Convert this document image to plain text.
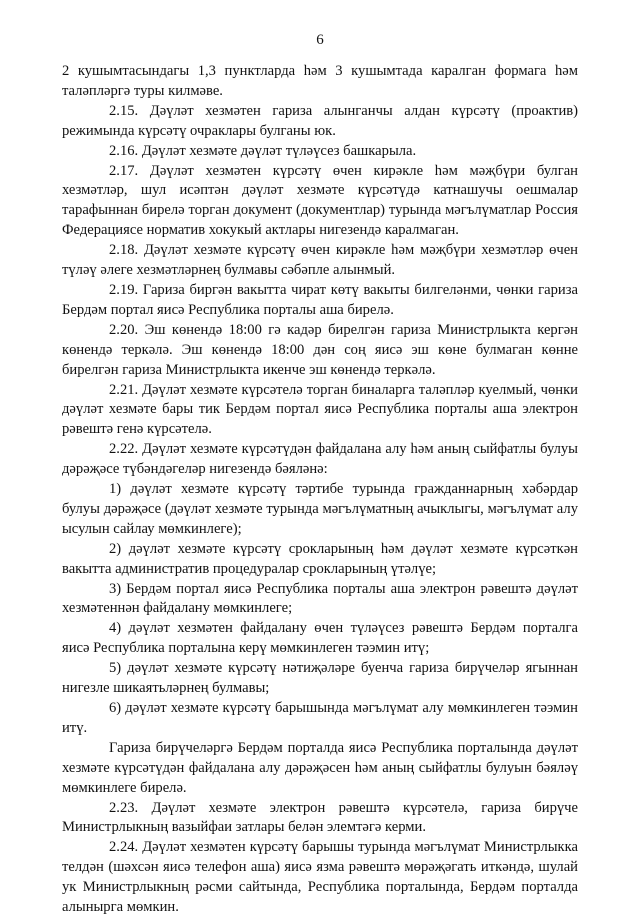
6

2 кушымтасындагы 1,3 пунктларда һәм 3 кушымтада каралган формага һәм таләпләргә туры килмәве.

2.15. Дәүләт хезмәтен гариза алынганчы алдан күрсәтү (проактив) режимында күрсәтү очраклары булганы юк.

2.16. Дәүләт хезмәте дәүләт түләүсез башкарыла.

2.17. Дәүләт хезмәтен күрсәтү өчен кирәкле һәм мәҗбүри булган хезмәтләр, шул исәптән дәүләт хезмәте күрсәтүдә катнашучы оешмалар тарафыннан бирелә торган документ (документлар) турында мәгълүматлар Россия Федерациясе норматив хокукый актлары нигезендә каралмаган.

2.18. Дәүләт хезмәте күрсәтү өчен кирәкле һәм мәҗбүри хезмәтләр өчен түләү әлеге хезмәтләрнең булмавы сәбәпле алынмый.

2.19. Гариза биргән вакытта чират көтү вакыты билгеләнми, чөнки гариза Бердәм портал яисә Республика порталы аша бирелә.

2.20. Эш көнендә 18:00 гә кадәр бирелгән гариза Министрлыкта кергән көнендә теркәлә. Эш көнендә 18:00 дән соң яисә эш көне булмаган көнне бирелгән гариза Министрлыкта икенче эш көнендә теркәлә.

2.21. Дәүләт хезмәте күрсәтелә торган биналарга таләпләр куелмый, чөнки дәүләт хезмәте бары тик Бердәм портал яисә Республика порталы аша электрон рәвештә генә күрсәтелә.

2.22. Дәүләт хезмәте күрсәтүдән файдалана алу һәм аның сыйфатлы булуы дәрәҗәсе түбәндәгеләр нигезендә бәяләнә:

1) дәүләт хезмәте күрсәтү тәртибе турында гражданнарның хәбәрдар булуы дәрәҗәсе (дәүләт хезмәте турында мәгълүматның ачыклыгы, мәгълүмат алу ысулын сайлау мөмкинлеге);

2) дәүләт хезмәте күрсәтү срокларының һәм дәүләт хезмәте күрсәткән вакытта административ процедуралар срокларының үтәлүе;

3) Бердәм портал яисә Республика порталы аша электрон рәвештә дәүләт хезмәтеннән файдалану мөмкинлеге;

4) дәүләт хезмәтен файдалану өчен түләүсез рәвештә Бердәм порталга яисә Республика порталына керү мөмкинлеген тәэмин итү;

5) дәүләт хезмәте күрсәтү нәтиҗәләре буенча гариза бирүчеләр ягыннан нигезле шикаятьләрнең булмавы;

6) дәүләт хезмәте күрсәтү барышында мәгълүмат алу мөмкинлеген тәэмин итү.

Гариза бирүчеләргә Бердәм порталда яисә Республика порталында дәүләт хезмәте күрсәтүдән файдалана алу дәрәҗәсен һәм аның сыйфатлы булуын бәяләү мөмкинлеге бирелә.

2.23. Дәүләт хезмәте электрон рәвештә күрсәтелә, гариза бирүче Министрлыкның вазыйфаи затлары белән элемтәгә керми.

2.24. Дәүләт хезмәтен күрсәтү барышы турында мәгълүмат Министрлыкка телдән (шәхсән яисә телефон аша) яисә язма рәвештә мөрәҗәгать иткәндә, шулай ук Министрлыкның рәсми сайтында, Республика порталында, Бердәм порталда алынырга мөмкин.
